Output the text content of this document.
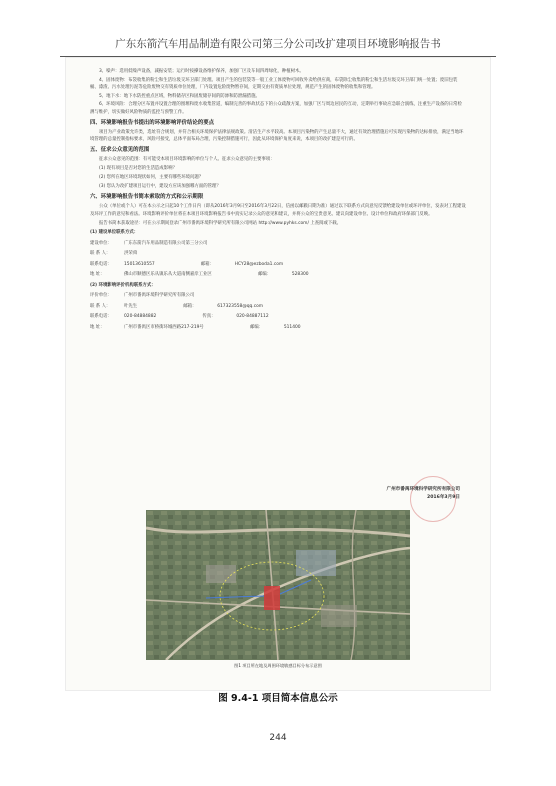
广东东箭汽车用品制造有限公司第三分公司改扩建项目环境影响报告书

3、噪声：选用低噪声设备，减振安装；运行时按操设备维护保养，加强厂区及车间四周绿化，种植树木。

4、固体废物：布袋收集的粉尘和生活垃圾交环卫部门处理。项目产生的包装袋等一般工业工体废物可回收外卖给供应商，布袋除尘收集的粉尘和生活垃圾交环卫部门统一处置；废旧包装桶、漆渣、污水处理污泥等危险废物交有资质单位处理，厂内设置危险废物暂存间，定期交由有资质单位处理，规范产生的固体废物的收集和管理。

5、地下水：地下水防控重点区域，物料储存区和固废储存间的防渗和防泄漏措施。

6、环境风险：合理分区布置并设置合理的围堰和废水收集管道，编制完善的事故状态下的公众疏散方案，加强厂区与周边居民的互动，定期举行事故应急联合演练，注重生产设备的日常检测与维护，切实做好风险物质的监控与预警工作。

四、环境影响报告书提出的环境影响评价结论的要点

项目为产业政策允许类，选址符合规划，并符合相关环境保护法律法规政策。清洁生产水平较高。本项目污染物的产生总量不大，通过有效治理措施后可实现污染物的达标排放，满足当地环境管理的总量控制指标要求，风险可接受，总体平面布局合理，污染控制措施可行，因此从环境保护角度来说，本项目的改扩建是可行的。

五、征求公众意见的范围

征求公众意见的范围：有可能受本项目环境影响的单位与个人。征求公众意见的主要事项：

(1) 现有项目是否对您的生活造成影响？
(2) 您所在地区环境现状如何，主要有哪些环境问题？
(3) 您认为改扩建项目运行中，建设方应该加强哪方面的管理？
六、环境影响报告书简本索取的方式和公示期限

公众（单位或个人）可在本公示之日起10个工作日内（即从2016年3月9日至2016年3月22日，信函以邮戳日期为准）通过以下联系方式向意见反馈给建设单位或环评单位，发表对工程建设及环评工作的意见和看法。环境影响评价单位将在本项目环境影响报告书中真实记录公众的意见和建议，并将公众的宝贵意见、建议向建设单位、设计单位和政府环保部门反映。

报告书简本获取途径：可在公示期间登录广州市番禺环境科学研究所有限公司网站 http://www.pyhks.com/ 上查阅或下载。

(1) 建设单位联系方式：
建设单位：	广东东箭汽车用品制造有限公司第三分公司
联 系 人：	洪荣舜
联系电话：	15013610557	邮箱：	HCY28@ezboda1.com
地 址：	佛山市顺德区乐从镇乐从大道南侧嘉岸工业区	邮编：	528300
(2) 环境影响评价机构联系方式：
评价单位：	广州市番禺环境科学研究所有限公司
联 系 人：	叶先生	邮箱：	617323558@qq.com
联系电话：	020-84884882	传真：	020-84887112
地 址：	广州市番禺区市桥街环城西路217-219号	邮编：	511400
广州市番禺环境科学研究所有限公司
2016年3月9日
图1 项目所在地及周围环境敏感目标分布示意图
图 9.4-1 项目简本信息公示
244
